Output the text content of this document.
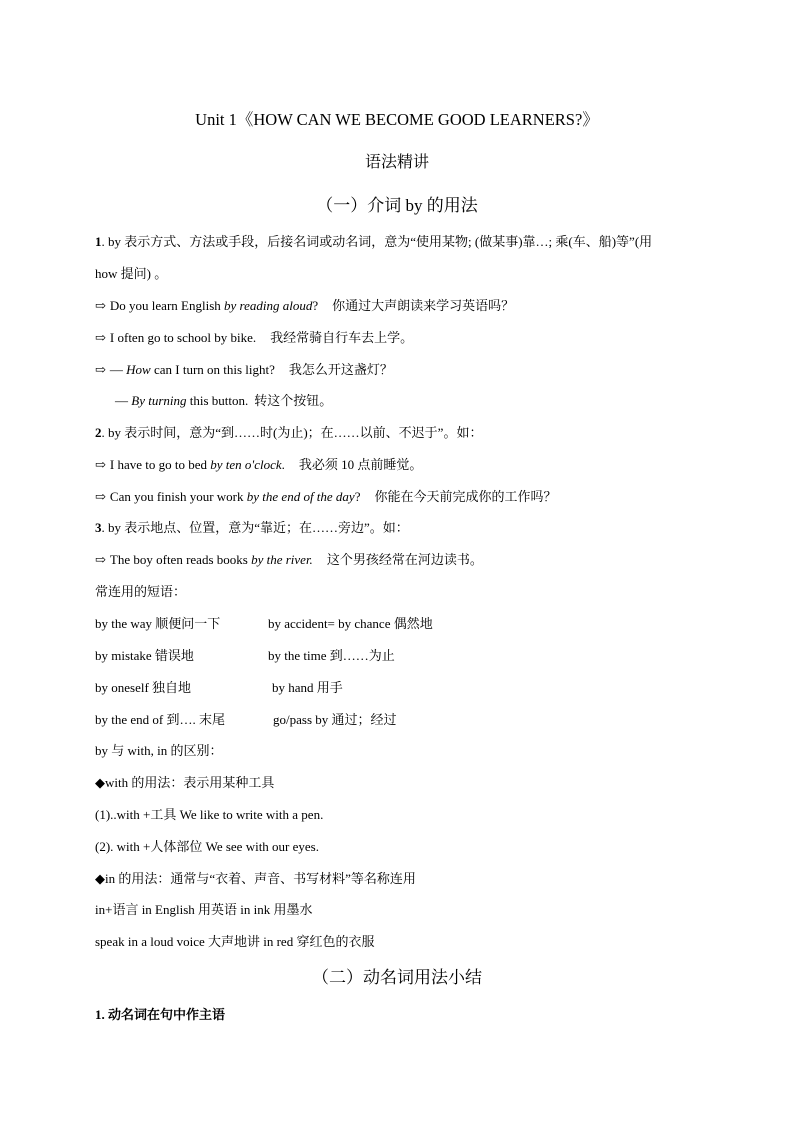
Unit 1《HOW CAN WE BECOME GOOD LEARNERS?》
语法精讲
（一）介词 by 的用法
1. by 表示方式、方法或手段，后接名词或动名词，意为“使用某物; (做某事)靠…; 乘(车、船)等”(用
how 提问) 。
⇨ Do you learn English by reading aloud? 你通过大声朗读来学习英语吗？
⇨ I often go to school by bike. 我经常骑自行车去上学。
⇨ — How can I turn on this light? 我怎么开这盏灯？
— By turning this button. 转这个按钮。
2. by 表示时间，意为“到……时(为止)；在……以前、不迟于”。如：
⇨ I have to go to bed by ten o'clock. 我必须 10 点前睡觉。
⇨ Can you finish your work by the end of the day? 你能在今天前完成你的工作吗？
3. by 表示地点、位置，意为“靠近；在……旁边”。如：
⇨ The boy often reads books by the river. 这个男孩经常在河边读书。
常连用的短语：
by the way 顺便问一下	by accident= by chance 偶然地
by mistake 错误地	by the time 到……为止
by oneself 独自地	by hand 用手
by the end of 到…. 末尾	go/pass by 通过；经过
by 与 with, in 的区别：
◆with 的用法：表示用某种工具
(1)..with +工具 We like to write with a pen.
(2). with +人体部位 We see with our eyes.
◆in 的用法：通常与“衣着、声音、书写材料”等名称连用
in+语言 in English 用英语 in ink 用墨水
speak in a loud voice 大声地讲 in red 穿红色的衣服
（二）动名词用法小结
1. 动名词在句中作主语
